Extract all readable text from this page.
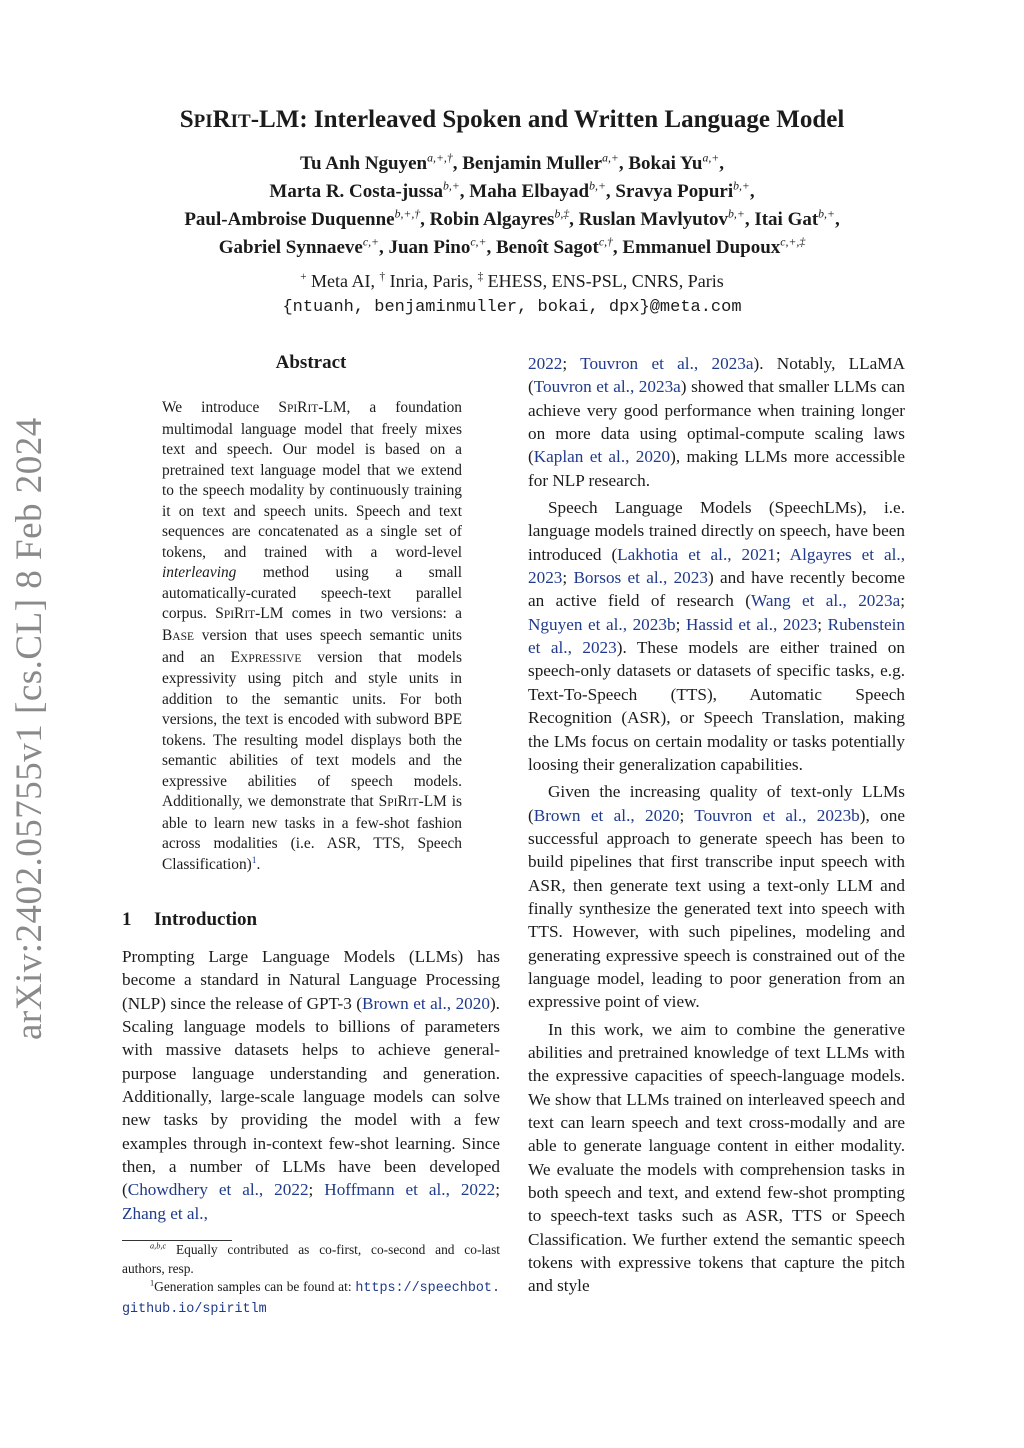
arXiv:2402.05755v1 [cs.CL] 8 Feb 2024
SPIRIT-LM: Interleaved Spoken and Written Language Model
Tu Anh Nguyen$^{a,+,\dagger}$, Benjamin Muller$^{a,+}$, Bokai $Yu^{a,+}$,
Marta R. Costa-jussa$^{b,+}$, Maha Elbayad$^{b,+}$, Sravya Popuri$^{b,+}$,
Paul-Ambroise Duquenne$^{b,+,\dagger}$, Robin Algayres$^{b,\ddagger}$, Ruslan Mavlyutov$^{b,+}$, Itai Gat$^{b,+}$,
Gabriel Synnaeve$^{c,+}$, Juan Pino$^{c,+}$, Benoît Sagot$^{c,\dagger}$, Emmanuel Dupoux$^{c,+,\ddagger}$
+ Meta AI, † Inria, Paris, ‡ EHESS, ENS-PSL, CNRS, Paris
{ntuanh, benjaminmuller, bokai, dpx}@meta.com
Abstract
We introduce SPIRIT-LM, a foundation multimodal language model that freely mixes text and speech. Our model is based on a pretrained text language model that we extend to the speech modality by continuously training it on text and speech units. Speech and text sequences are concatenated as a single set of tokens, and trained with a word-level interleaving method using a small automatically-curated speech-text parallel corpus. SPIRIT-LM comes in two versions: a BASE version that uses speech semantic units and an EXPRESSIVE version that models expressivity using pitch and style units in addition to the semantic units. For both versions, the text is encoded with subword BPE tokens. The resulting model displays both the semantic abilities of text models and the expressive abilities of speech models. Additionally, we demonstrate that SPIRIT-LM is able to learn new tasks in a few-shot fashion across modalities (i.e. ASR, TTS, Speech Classification)$^1$.
1 Introduction
Prompting Large Language Models (LLMs) has become a standard in Natural Language Processing (NLP) since the release of GPT-3 (Brown et al., 2020). Scaling language models to billions of parameters with massive datasets helps to achieve general-purpose language understanding and generation. Additionally, large-scale language models can solve new tasks by providing the model with a few examples through in-context few-shot learning. Since then, a number of LLMs have been developed (Chowdhery et al., 2022; Hoffmann et al., 2022; Zhang et al.,

$^{a,b,c}$ Equally contributed as co-first, co-second and co-last authors, resp.

$^1$Generation samples can be found at: https://speechbot.github.io/spiritlm

2022; Touvron et al., 2023a). Notably, LLaMA (Touvron et al., 2023a) showed that smaller LLMs can achieve very good performance when training longer on more data using optimal-compute scaling laws (Kaplan et al., 2020), making LLMs more accessible for NLP research.

Speech Language Models (SpeechLMs), i.e. language models trained directly on speech, have been introduced (Lakhotia et al., 2021; Algayres et al., 2023; Borsos et al., 2023) and have recently become an active field of research (Wang et al., 2023a; Nguyen et al., 2023b; Hassid et al., 2023; Rubenstein et al., 2023). These models are either trained on speech-only datasets or datasets of specific tasks, e.g. Text-To-Speech (TTS), Automatic Speech Recognition (ASR), or Speech Translation, making the LMs focus on certain modality or tasks potentially loosing their generalization capabilities.

Given the increasing quality of text-only LLMs (Brown et al., 2020; Touvron et al., 2023b), one successful approach to generate speech has been to build pipelines that first transcribe input speech with ASR, then generate text using a text-only LLM and finally synthesize the generated text into speech with TTS. However, with such pipelines, modeling and generating expressive speech is constrained out of the language model, leading to poor generation from an expressive point of view.

In this work, we aim to combine the generative abilities and pretrained knowledge of text LLMs with the expressive capacities of speech-language models. We show that LLMs trained on interleaved speech and text can learn speech and text cross-modally and are able to generate language content in either modality. We evaluate the models with comprehension tasks in both speech and text, and extend few-shot prompting to speech-text tasks such as ASR, TTS or Speech Classification. We further extend the semantic speech tokens with expressive tokens that capture the pitch and style
